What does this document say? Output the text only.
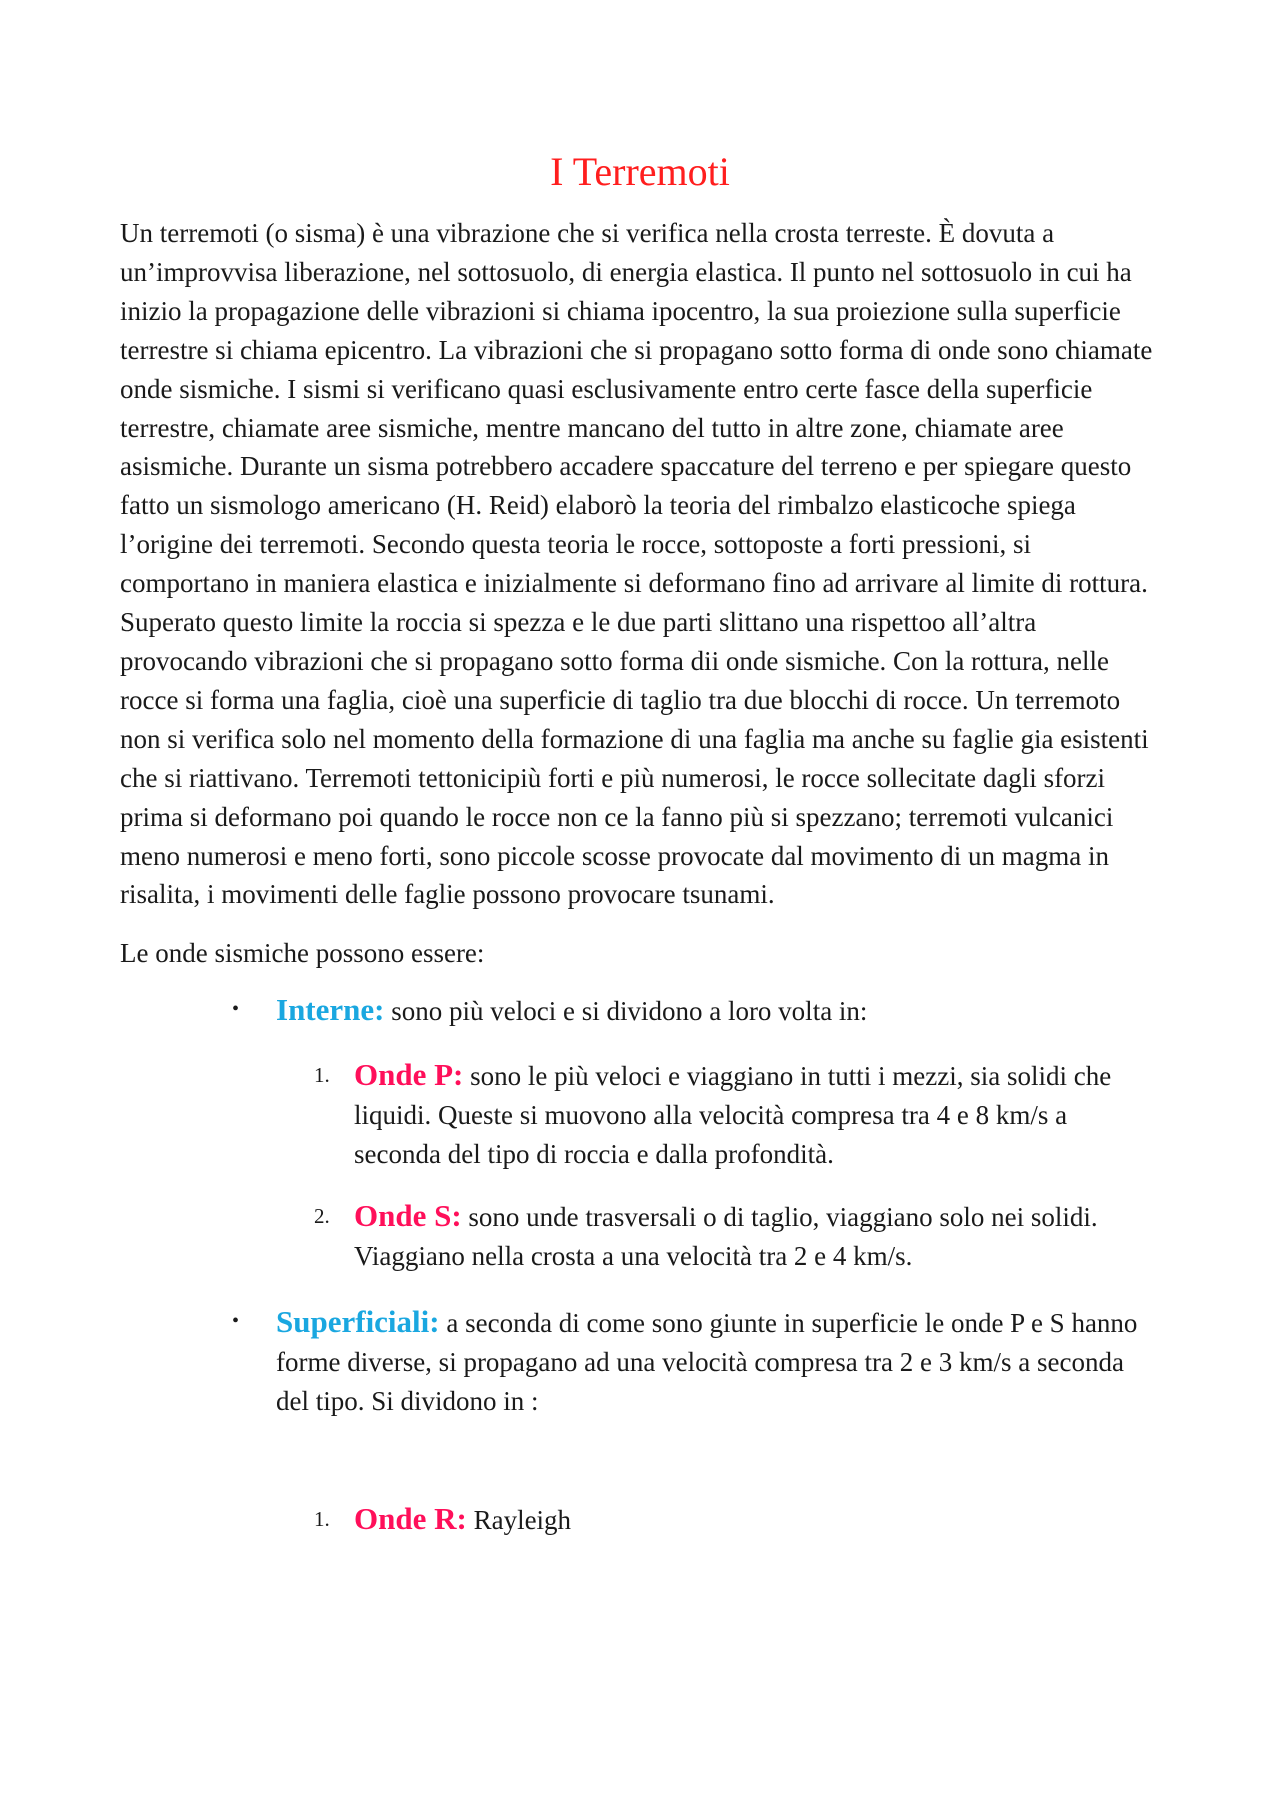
I Terremoti

Un terremoti (o sisma) è una vibrazione che si verifica nella crosta terreste. È dovuta a un’improvvisa liberazione, nel sottosuolo, di energia elastica. Il punto nel sottosuolo in cui ha inizio la propagazione delle vibrazioni si chiama ipocentro, la sua proiezione sulla superficie terrestre si chiama epicentro. La vibrazioni che si propagano sotto forma di onde sono chiamate onde sismiche. I sismi si verificano quasi esclusivamente entro certe fasce della superficie terrestre, chiamate aree sismiche, mentre mancano del tutto in altre zone, chiamate aree asismiche. Durante un sisma potrebbero accadere spaccature del terreno e per spiegare questo fatto un sismologo americano (H. Reid) elaborò la teoria del rimbalzo elasticoche spiega l’origine dei terremoti. Secondo questa teoria le rocce, sottoposte a forti pressioni, si comportano in maniera elastica e inizialmente si deformano fino ad arrivare al limite di rottura. Superato questo limite la roccia si spezza e le due parti slittano una rispettoo all’altra provocando vibrazioni che si propagano sotto forma dii onde sismiche. Con la rottura, nelle rocce si forma una faglia, cioè una superficie di taglio tra due blocchi di rocce. Un terremoto non si verifica solo nel momento della formazione di una faglia ma anche su faglie gia esistenti che si riattivano. Terremoti tettonicipiù forti e più numerosi, le rocce sollecitate dagli sforzi prima si deformano poi quando le rocce non ce la fanno più si spezzano; terremoti vulcanici meno numerosi e meno forti, sono piccole scosse provocate dal movimento di un magma in risalita, i movimenti delle faglie possono provocare tsunami.

Le onde sismiche possono essere:

• Interne: sono più veloci e si dividono a loro volta in:
1. Onde P: sono le più veloci e viaggiano in tutti i mezzi, sia solidi che liquidi. Queste si muovono alla velocità compresa tra 4 e 8 km/s a seconda del tipo di roccia e dalla profondità.
2. Onde S: sono unde trasversali o di taglio, viaggiano solo nei solidi. Viaggiano nella crosta a una velocità tra 2 e 4 km/s.
• Superficiali: a seconda di come sono giunte in superficie le onde P e S hanno forme diverse, si propagano ad una velocità compresa tra 2 e 3 km/s a seconda del tipo. Si dividono in :
1. Onde R: Rayleigh
